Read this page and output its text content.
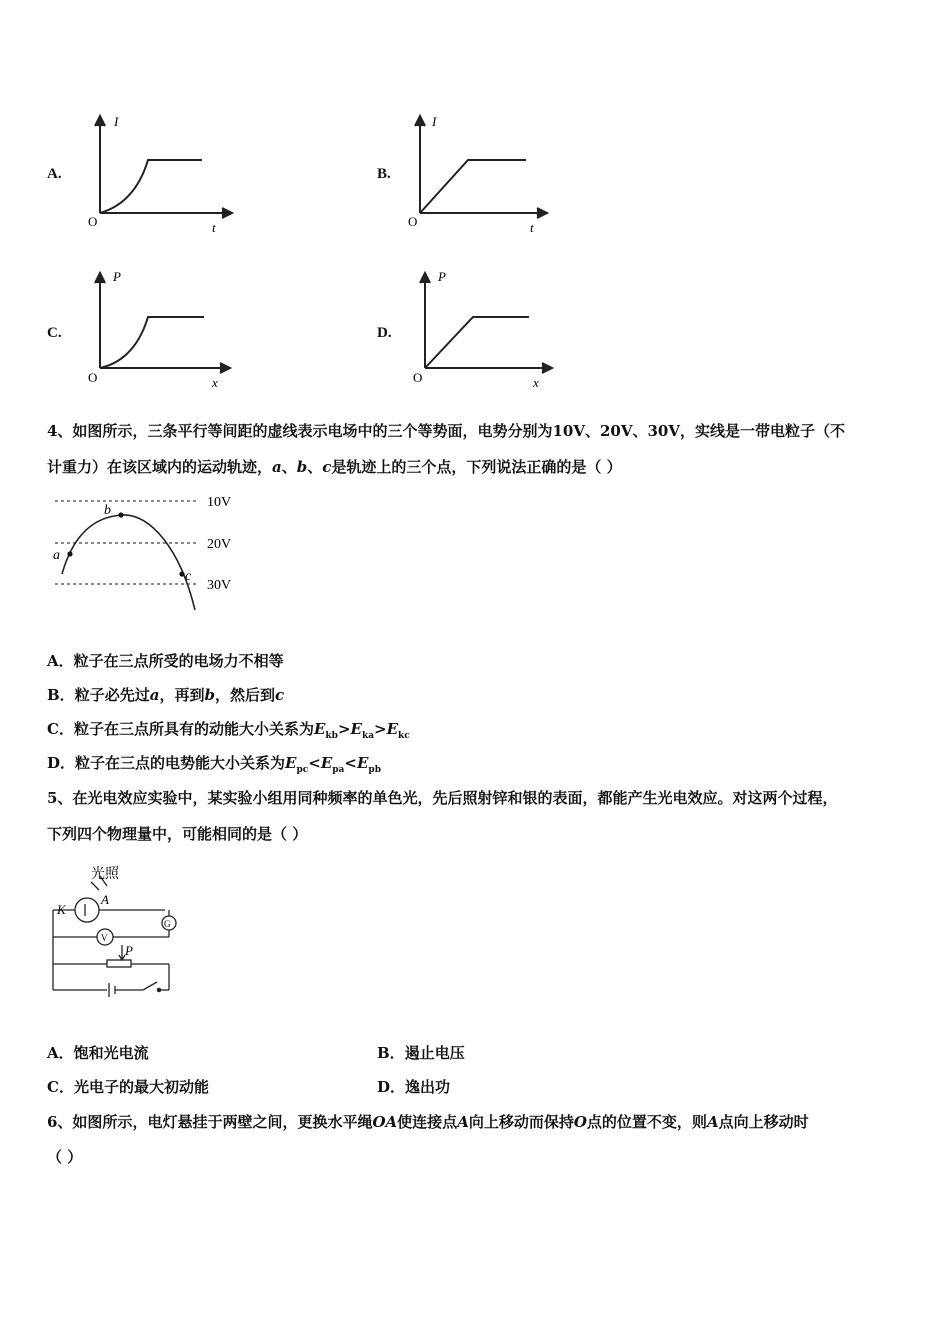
A.
I
O	t
B.
I
O	t
C.
P
O	x
D.
P
O	x
4、如图所示，三条平行等间距的虚线表示电场中的三个等势面，电势分别为10V、20V、30V，实线是一带电粒子（不
计重力）在该区域内的运动轨迹，a、b、c是轨迹上的三个点，下列说法正确的是（ ）
a
b
c
10V
20V
30V
A．粒子在三点所受的电场力不相等
B．粒子必先过a，再到b，然后到c
C．粒子在三点所具有的动能大小关系为$E_{kb}>E_{ka}>E_{kc}$
D．粒子在三点的电势能大小关系为$E_{pc}<E_{pa}<E_{pb}$
5、在光电效应实验中，某实验小组用同种频率的单色光，先后照射锌和银的表面，都能产生光电效应。对这两个过程，
下列四个物理量中，可能相同的是（ ）
光照
K
A
G
V
P
A．饱和光电流	B．遏止电压
C．光电子的最大初动能	D．逸出功
6、如图所示，电灯悬挂于两壁之间，更换水平绳OA使连接点A向上移动而保持O点的位置不变，则A点向上移动时
（ ）
